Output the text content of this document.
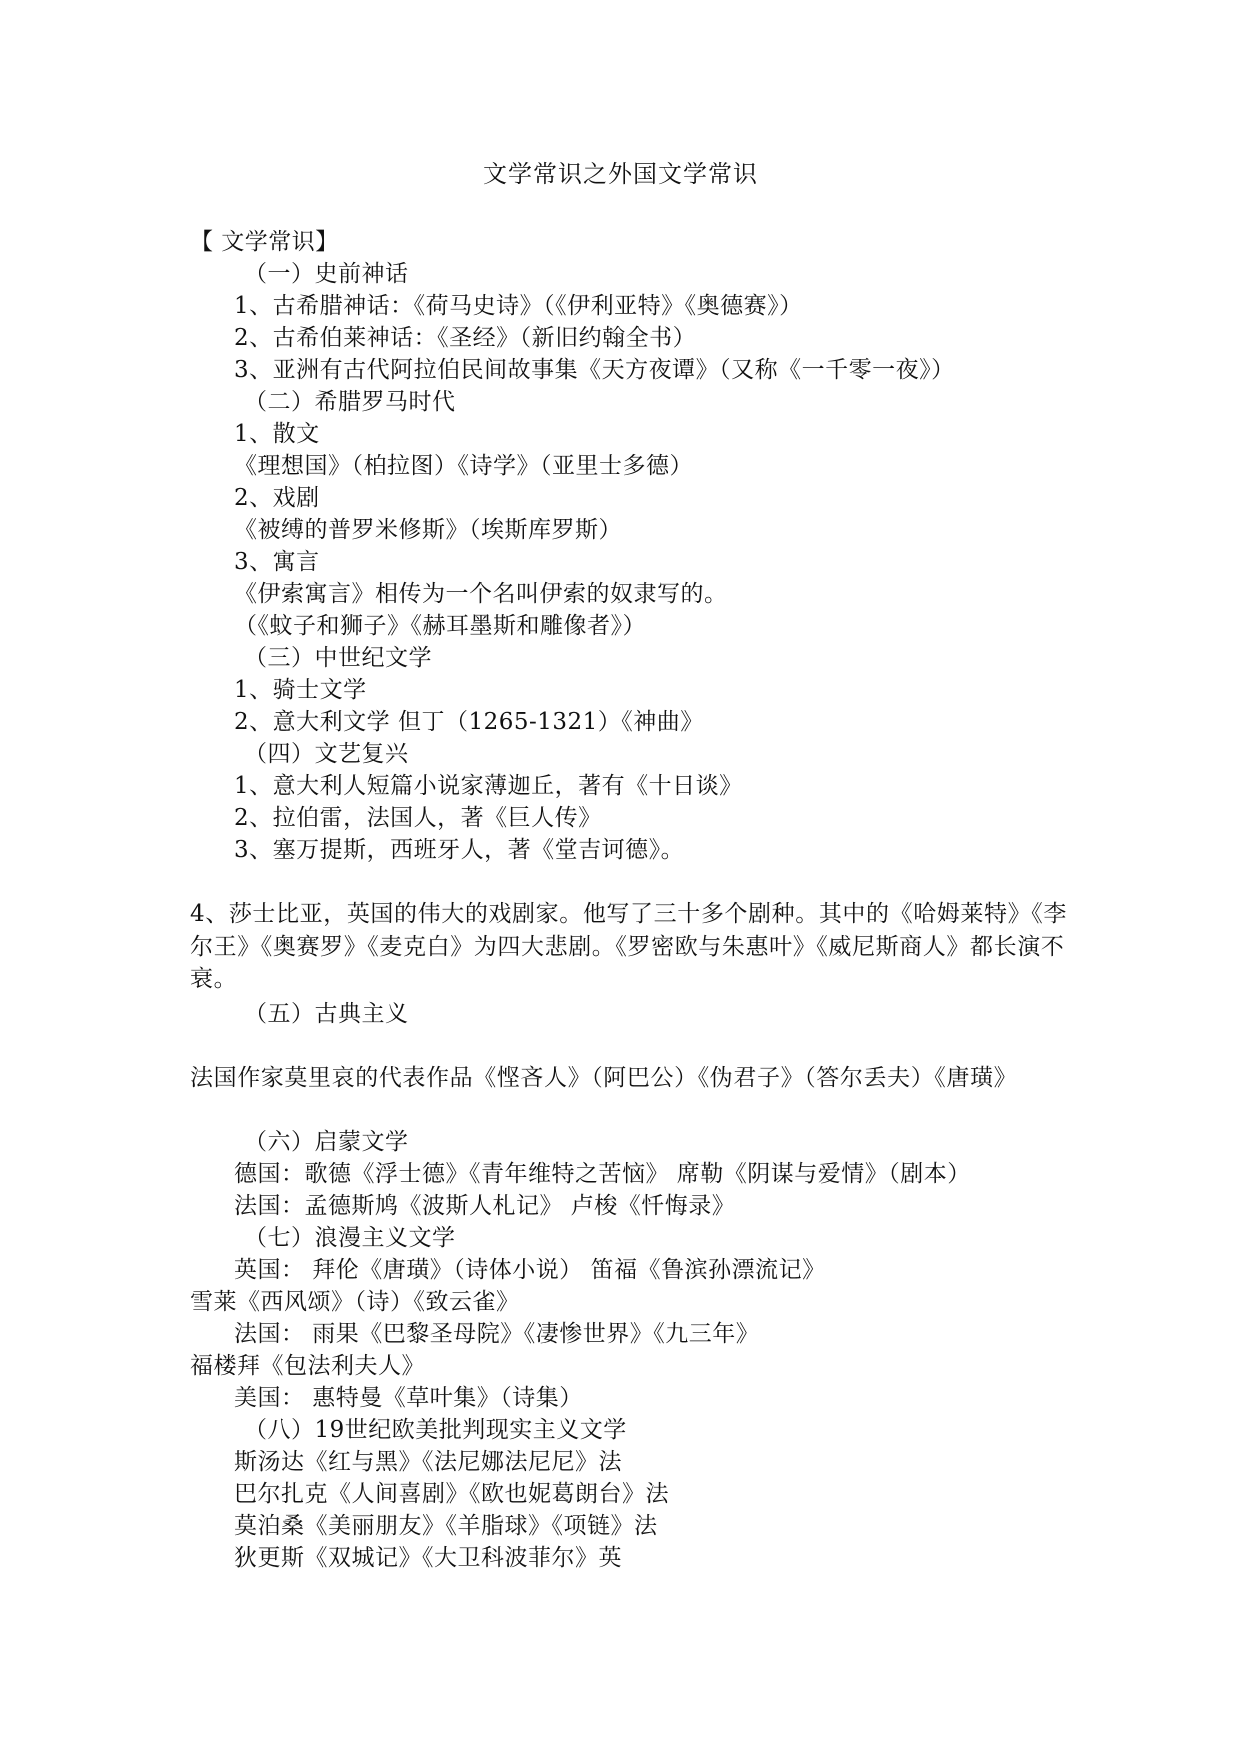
文学常识之外国文学常识
【 文学常识】
（一）史前神话
1、古希腊神话：《荷马史诗》（《伊利亚特》《奥德赛》）
2、古希伯莱神话：《圣经》（新旧约翰全书）
3、亚洲有古代阿拉伯民间故事集《天方夜谭》（又称《一千零一夜》）
（二）希腊罗马时代
1、散文
《理想国》（柏拉图）《诗学》（亚里士多德）
2、戏剧
《被缚的普罗米修斯》（埃斯库罗斯）
3、寓言
《伊索寓言》相传为一个名叫伊索的奴隶写的。
（《蚊子和狮子》《赫耳墨斯和雕像者》）
（三）中世纪文学
1、骑士文学
2、意大利文学 但丁（1265-1321）《神曲》
（四）文艺复兴
1、意大利人短篇小说家薄迦丘，著有《十日谈》
2、拉伯雷，法国人，著《巨人传》
3、塞万提斯，西班牙人，著《堂吉诃德》。
4、莎士比亚，英国的伟大的戏剧家。他写了三十多个剧种。其中的《哈姆莱特》《李尔王》《奥赛罗》《麦克白》为四大悲剧。《罗密欧与朱惠叶》《威尼斯商人》都长演不衰。
（五）古典主义
法国作家莫里哀的代表作品《悭吝人》（阿巴公）《伪君子》（答尔丢夫）《唐璜》
（六）启蒙文学
德国：歌德《浮士德》《青年维特之苦恼》 席勒《阴谋与爱情》（剧本）
法国：孟德斯鸠《波斯人札记》 卢梭《忏悔录》
（七）浪漫主义文学
英国： 拜伦《唐璜》（诗体小说） 笛福《鲁滨孙漂流记》
雪莱《西风颂》（诗）《致云雀》
法国： 雨果《巴黎圣母院》《凄惨世界》《九三年》
福楼拜《包法利夫人》
美国： 惠特曼《草叶集》（诗集）
（八）19世纪欧美批判现实主义文学
斯汤达《红与黑》《法尼娜法尼尼》法
巴尔扎克《人间喜剧》《欧也妮葛朗台》法
莫泊桑《美丽朋友》《羊脂球》《项链》法
狄更斯《双城记》《大卫科波菲尔》英
